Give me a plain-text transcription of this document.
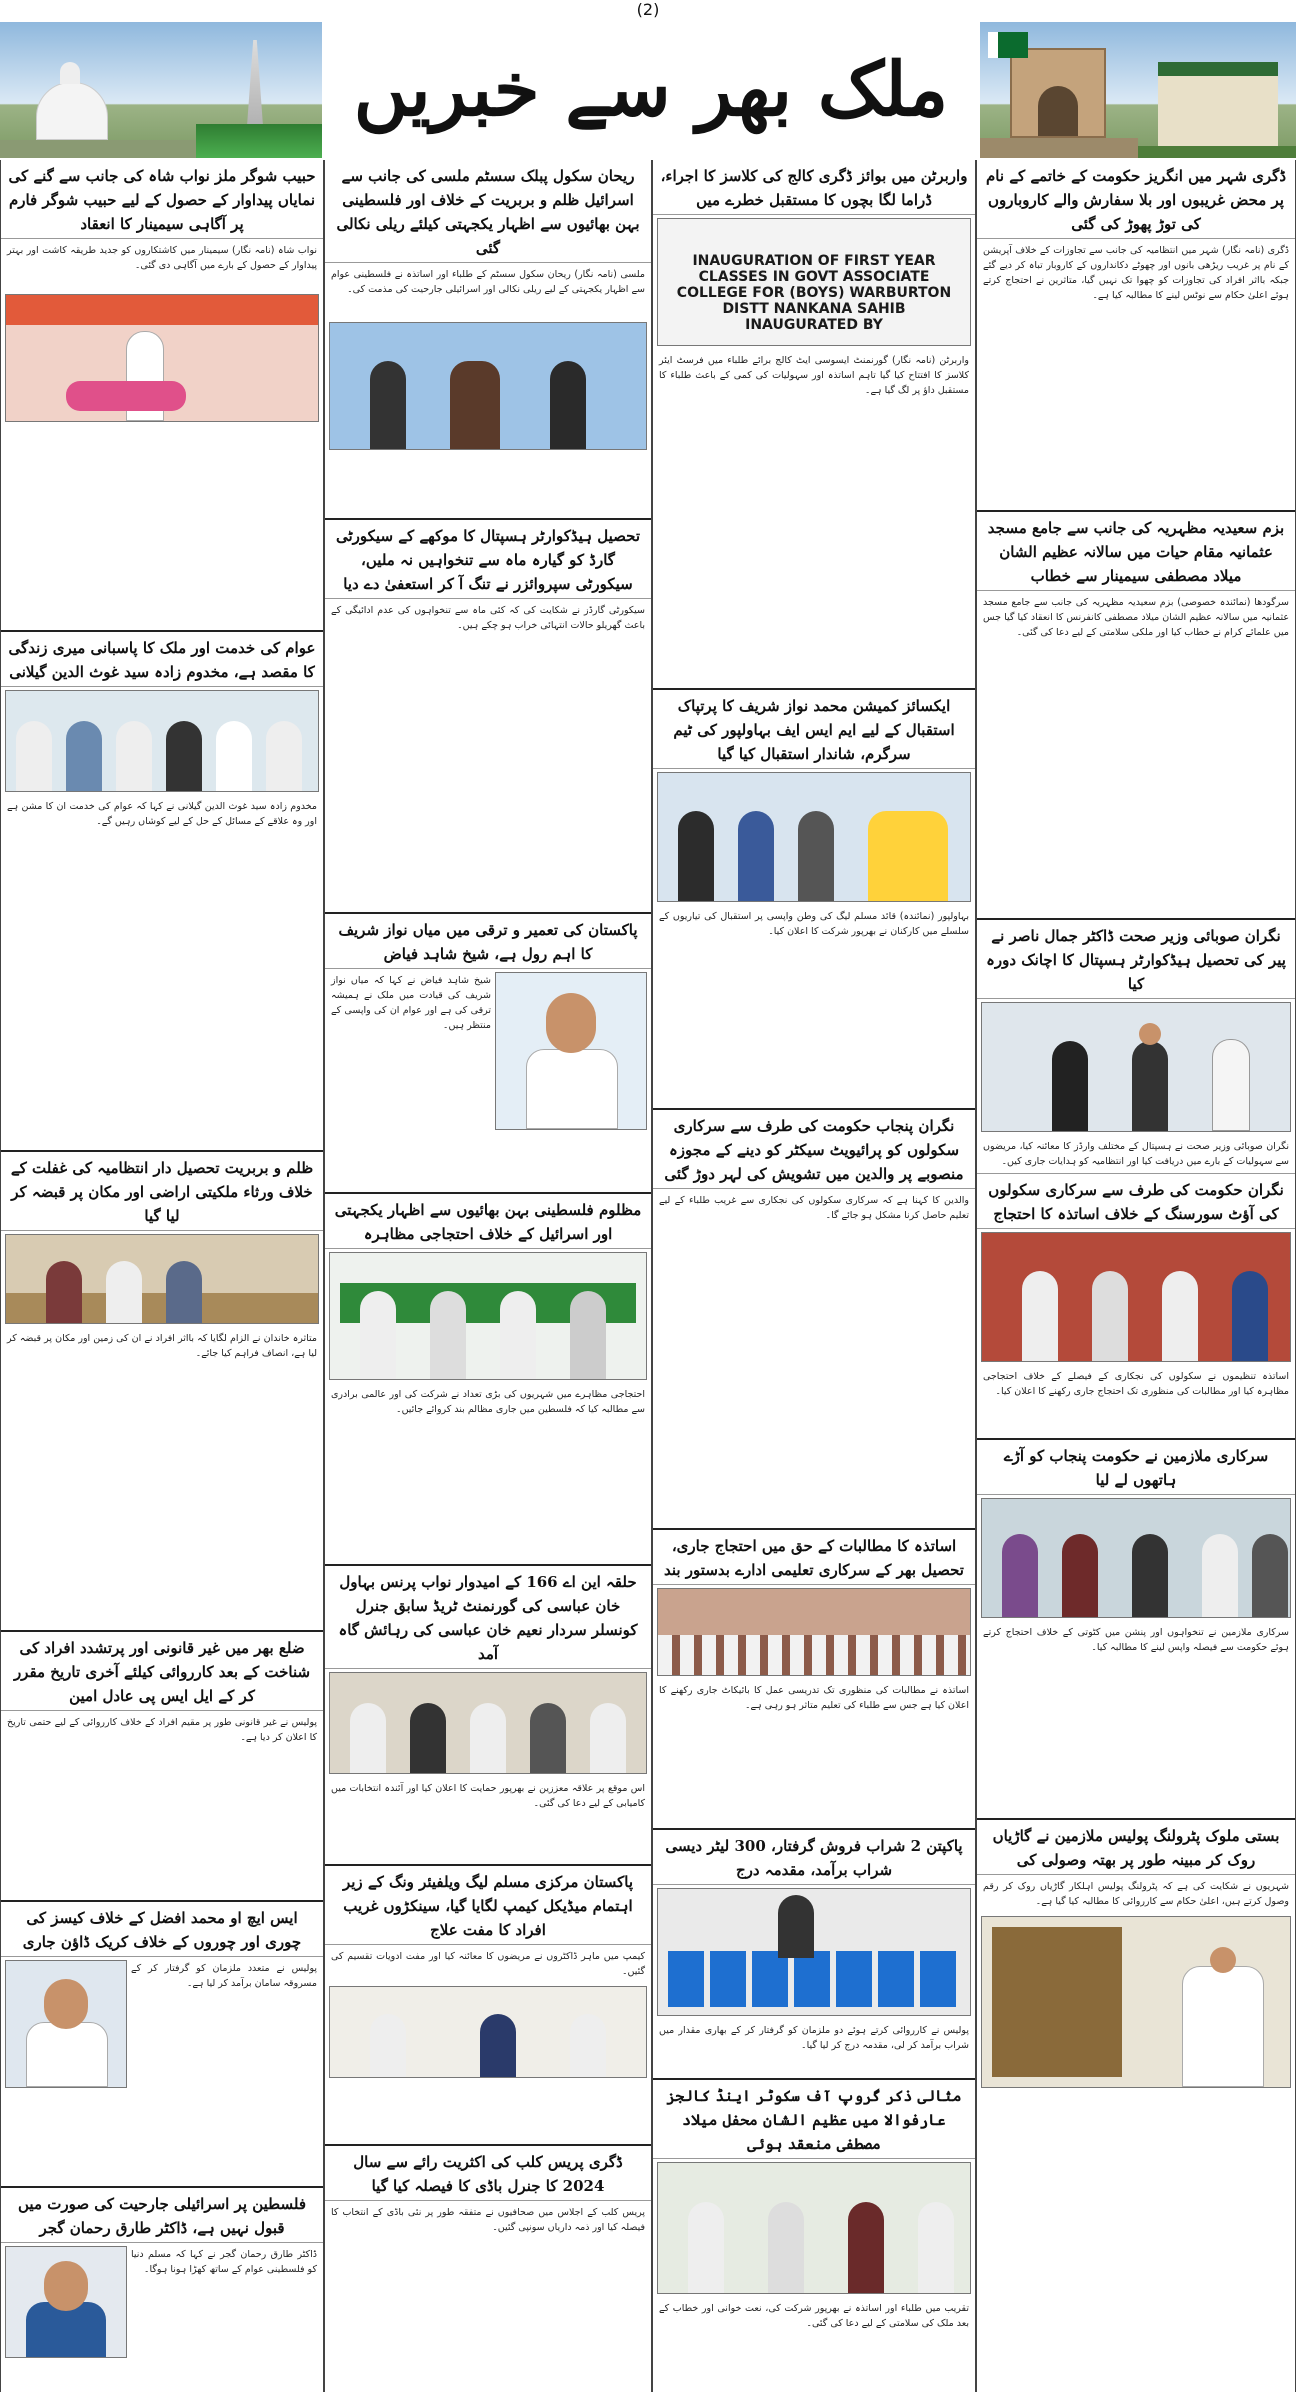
(2)
ملک بھر سے خبریں
ڈگری شہر میں انگریز حکومت کے خاتمے کے نام پر محض غریبوں اور بلا سفارش والے کاروباروں کی توڑ پھوڑ کی گئی
ڈگری (نامہ نگار) شہر میں انتظامیہ کی جانب سے تجاوزات کے خلاف آپریشن کے نام پر غریب ریڑھی بانوں اور چھوٹے دکانداروں کے کاروبار تباہ کر دیے گئے جبکہ بااثر افراد کی تجاوزات کو چھوا تک نہیں گیا، متاثرین نے احتجاج کرتے ہوئے اعلیٰ حکام سے نوٹس لینے کا مطالبہ کیا ہے۔
بزم سعیدیہ مظہریہ کی جانب سے جامع مسجد عثمانیہ مقام حیات میں سالانہ عظیم الشان میلاد مصطفی سیمینار سے خطاب
سرگودھا (نمائندہ خصوصی) بزم سعیدیہ مظہریہ کی جانب سے جامع مسجد عثمانیہ میں سالانہ عظیم الشان میلاد مصطفی کانفرنس کا انعقاد کیا گیا جس میں علمائے کرام نے خطاب کیا اور ملکی سلامتی کے لیے دعا کی گئی۔
نگران صوبائی وزیر صحت ڈاکٹر جمال ناصر نے پیر کی تحصیل ہیڈکوارٹر ہسپتال کا اچانک دورہ کیا
نگران صوبائی وزیر صحت نے ہسپتال کے مختلف وارڈز کا معائنہ کیا، مریضوں سے سہولیات کے بارے میں دریافت کیا اور انتظامیہ کو ہدایات جاری کیں۔
نگران حکومت کی طرف سے سرکاری سکولوں کی آؤٹ سورسنگ کے خلاف اساتذہ کا احتجاج
اساتذہ تنظیموں نے سکولوں کی نجکاری کے فیصلے کے خلاف احتجاجی مظاہرہ کیا اور مطالبات کی منظوری تک احتجاج جاری رکھنے کا اعلان کیا۔
سرکاری ملازمین نے حکومت پنجاب کو آڑے ہاتھوں لے لیا
سرکاری ملازمین نے تنخواہوں اور پنشن میں کٹوتی کے خلاف احتجاج کرتے ہوئے حکومت سے فیصلہ واپس لینے کا مطالبہ کیا۔
بستی ملوک پٹرولنگ پولیس ملازمین نے گاڑیاں روک کر مبینہ طور پر بھتہ وصولی کی
شہریوں نے شکایت کی ہے کہ پٹرولنگ پولیس اہلکار گاڑیاں روک کر رقم وصول کرتے ہیں، اعلیٰ حکام سے کارروائی کا مطالبہ کیا گیا ہے۔
واربرٹن میں بوائز ڈگری کالج کی کلاسز کا اجراء، ڈراما لگا بچوں کا مستقبل خطرے میں
INAUGURATION OF FIRST YEAR CLASSES IN GOVT ASSOCIATE COLLEGE FOR (BOYS) WARBURTON DISTT NANKANA SAHIB INAUGURATED BY
واربرٹن (نامہ نگار) گورنمنٹ ایسوسی ایٹ کالج برائے طلباء میں فرسٹ ایئر کلاسز کا افتتاح کیا گیا تاہم اساتذہ اور سہولیات کی کمی کے باعث طلباء کا مستقبل داؤ پر لگ گیا ہے۔
ایکسائز کمیشن محمد نواز شریف کا پرتپاک استقبال کے لیے ایم ایس ایف بہاولپور کی ٹیم سرگرم، شاندار استقبال کیا گیا
بہاولپور (نمائندہ) قائد مسلم لیگ کی وطن واپسی پر استقبال کی تیاریوں کے سلسلے میں کارکنان نے بھرپور شرکت کا اعلان کیا۔
نگران پنجاب حکومت کی طرف سے سرکاری سکولوں کو پرائیویٹ سیکٹر کو دینے کے مجوزہ منصوبے پر والدین میں تشویش کی لہر دوڑ گئی
والدین کا کہنا ہے کہ سرکاری سکولوں کی نجکاری سے غریب طلباء کے لیے تعلیم حاصل کرنا مشکل ہو جائے گا۔
اساتذہ کا مطالبات کے حق میں احتجاج جاری، تحصیل بھر کے سرکاری تعلیمی ادارے بدستور بند
اساتذہ نے مطالبات کی منظوری تک تدریسی عمل کا بائیکاٹ جاری رکھنے کا اعلان کیا ہے جس سے طلباء کی تعلیم متاثر ہو رہی ہے۔
پاکپتن 2 شراب فروش گرفتار، 300 لیٹر دیسی شراب برآمد، مقدمہ درج
پولیس نے کارروائی کرتے ہوئے دو ملزمان کو گرفتار کر کے بھاری مقدار میں شراب برآمد کر لی، مقدمہ درج کر لیا گیا۔
مثالی ذکر گروپ آف سکوٹر اینڈ کالجز عارفوالا میں عظیم الشان محفل میلاد مصطفی منعقد ہوئی
تقریب میں طلباء اور اساتذہ نے بھرپور شرکت کی، نعت خوانی اور خطاب کے بعد ملک کی سلامتی کے لیے دعا کی گئی۔
ریحان سکول پبلک سسٹم ملسی کی جانب سے اسرائیل ظلم و بربریت کے خلاف اور فلسطینی بہن بھائیوں سے اظہار یکجہتی کیلئے ریلی نکالی گئی
ملسی (نامہ نگار) ریحان سکول سسٹم کے طلباء اور اساتذہ نے فلسطینی عوام سے اظہار یکجہتی کے لیے ریلی نکالی اور اسرائیلی جارحیت کی مذمت کی۔
تحصیل ہیڈکوارٹر ہسپتال کا موکھے کے سیکورٹی گارڈ کو گیارہ ماہ سے تنخواہیں نہ ملیں، سیکورٹی سپروائزر نے تنگ آ کر استعفیٰ دے دیا
سیکورٹی گارڈز نے شکایت کی کہ کئی ماہ سے تنخواہوں کی عدم ادائیگی کے باعث گھریلو حالات انتہائی خراب ہو چکے ہیں۔
پاکستان کی تعمیر و ترقی میں میاں نواز شریف کا اہم رول ہے، شیخ شاہد فیاض
شیخ شاہد فیاض نے کہا کہ میاں نواز شریف کی قیادت میں ملک نے ہمیشہ ترقی کی ہے اور عوام ان کی واپسی کے منتظر ہیں۔
مظلوم فلسطینی بہن بھائیوں سے اظہار یکجہتی اور اسرائیل کے خلاف احتجاجی مظاہرہ
احتجاجی مظاہرے میں شہریوں کی بڑی تعداد نے شرکت کی اور عالمی برادری سے مطالبہ کیا کہ فلسطین میں جاری مظالم بند کروائے جائیں۔
حلقہ این اے 166 کے امیدوار نواب پرنس بہاول خان عباسی کی گورنمنٹ ٹریڈ سابق جنرل کونسلر سردار نعیم خان عباسی کی رہائش گاہ آمد
اس موقع پر علاقہ معززین نے بھرپور حمایت کا اعلان کیا اور آئندہ انتخابات میں کامیابی کے لیے دعا کی گئی۔
پاکستان مرکزی مسلم لیگ ویلفیئر ونگ کے زیر اہتمام میڈیکل کیمپ لگایا گیا، سینکڑوں غریب افراد کا مفت علاج
کیمپ میں ماہر ڈاکٹروں نے مریضوں کا معائنہ کیا اور مفت ادویات تقسیم کی گئیں۔
ڈگری پریس کلب کی اکثریت رائے سے سال 2024 کا جنرل باڈی کا فیصلہ کیا گیا
پریس کلب کے اجلاس میں صحافیوں نے متفقہ طور پر نئی باڈی کے انتخاب کا فیصلہ کیا اور ذمہ داریاں سونپی گئیں۔
حبیب شوگر ملز نواب شاہ کی جانب سے گنے کی نمایاں پیداوار کے حصول کے لیے حبیب شوگر فارم پر آگاہی سیمینار کا انعقاد
نواب شاہ (نامہ نگار) سیمینار میں کاشتکاروں کو جدید طریقہ کاشت اور بہتر پیداوار کے حصول کے بارے میں آگاہی دی گئی۔
عوام کی خدمت اور ملک کا پاسبانی میری زندگی کا مقصد ہے، مخدوم زادہ سید غوث الدین گیلانی
مخدوم زادہ سید غوث الدین گیلانی نے کہا کہ عوام کی خدمت ان کا مشن ہے اور وہ علاقے کے مسائل کے حل کے لیے کوشاں رہیں گے۔
ظلم و بربریت تحصیل دار انتظامیہ کی غفلت کے خلاف ورثاء ملکیتی اراضی اور مکان پر قبضہ کر لیا گیا
متاثرہ خاندان نے الزام لگایا کہ بااثر افراد نے ان کی زمین اور مکان پر قبضہ کر لیا ہے، انصاف فراہم کیا جائے۔
ضلع بھر میں غیر قانونی اور پرتشدد افراد کی شناخت کے بعد کارروائی کیلئے آخری تاریخ مقرر کر کے ایل ایس پی عادل امین
پولیس نے غیر قانونی طور پر مقیم افراد کے خلاف کارروائی کے لیے حتمی تاریخ کا اعلان کر دیا ہے۔
ایس ایچ او محمد افضل کے خلاف کیسز کی چوری اور چوروں کے خلاف کریک ڈاؤن جاری
پولیس نے متعدد ملزمان کو گرفتار کر کے مسروقہ سامان برآمد کر لیا ہے۔
فلسطین پر اسرائیلی جارحیت کی صورت میں قبول نہیں ہے، ڈاکٹر طارق رحمان گجر
ڈاکٹر طارق رحمان گجر نے کہا کہ مسلم دنیا کو فلسطینی عوام کے ساتھ کھڑا ہونا ہوگا۔
